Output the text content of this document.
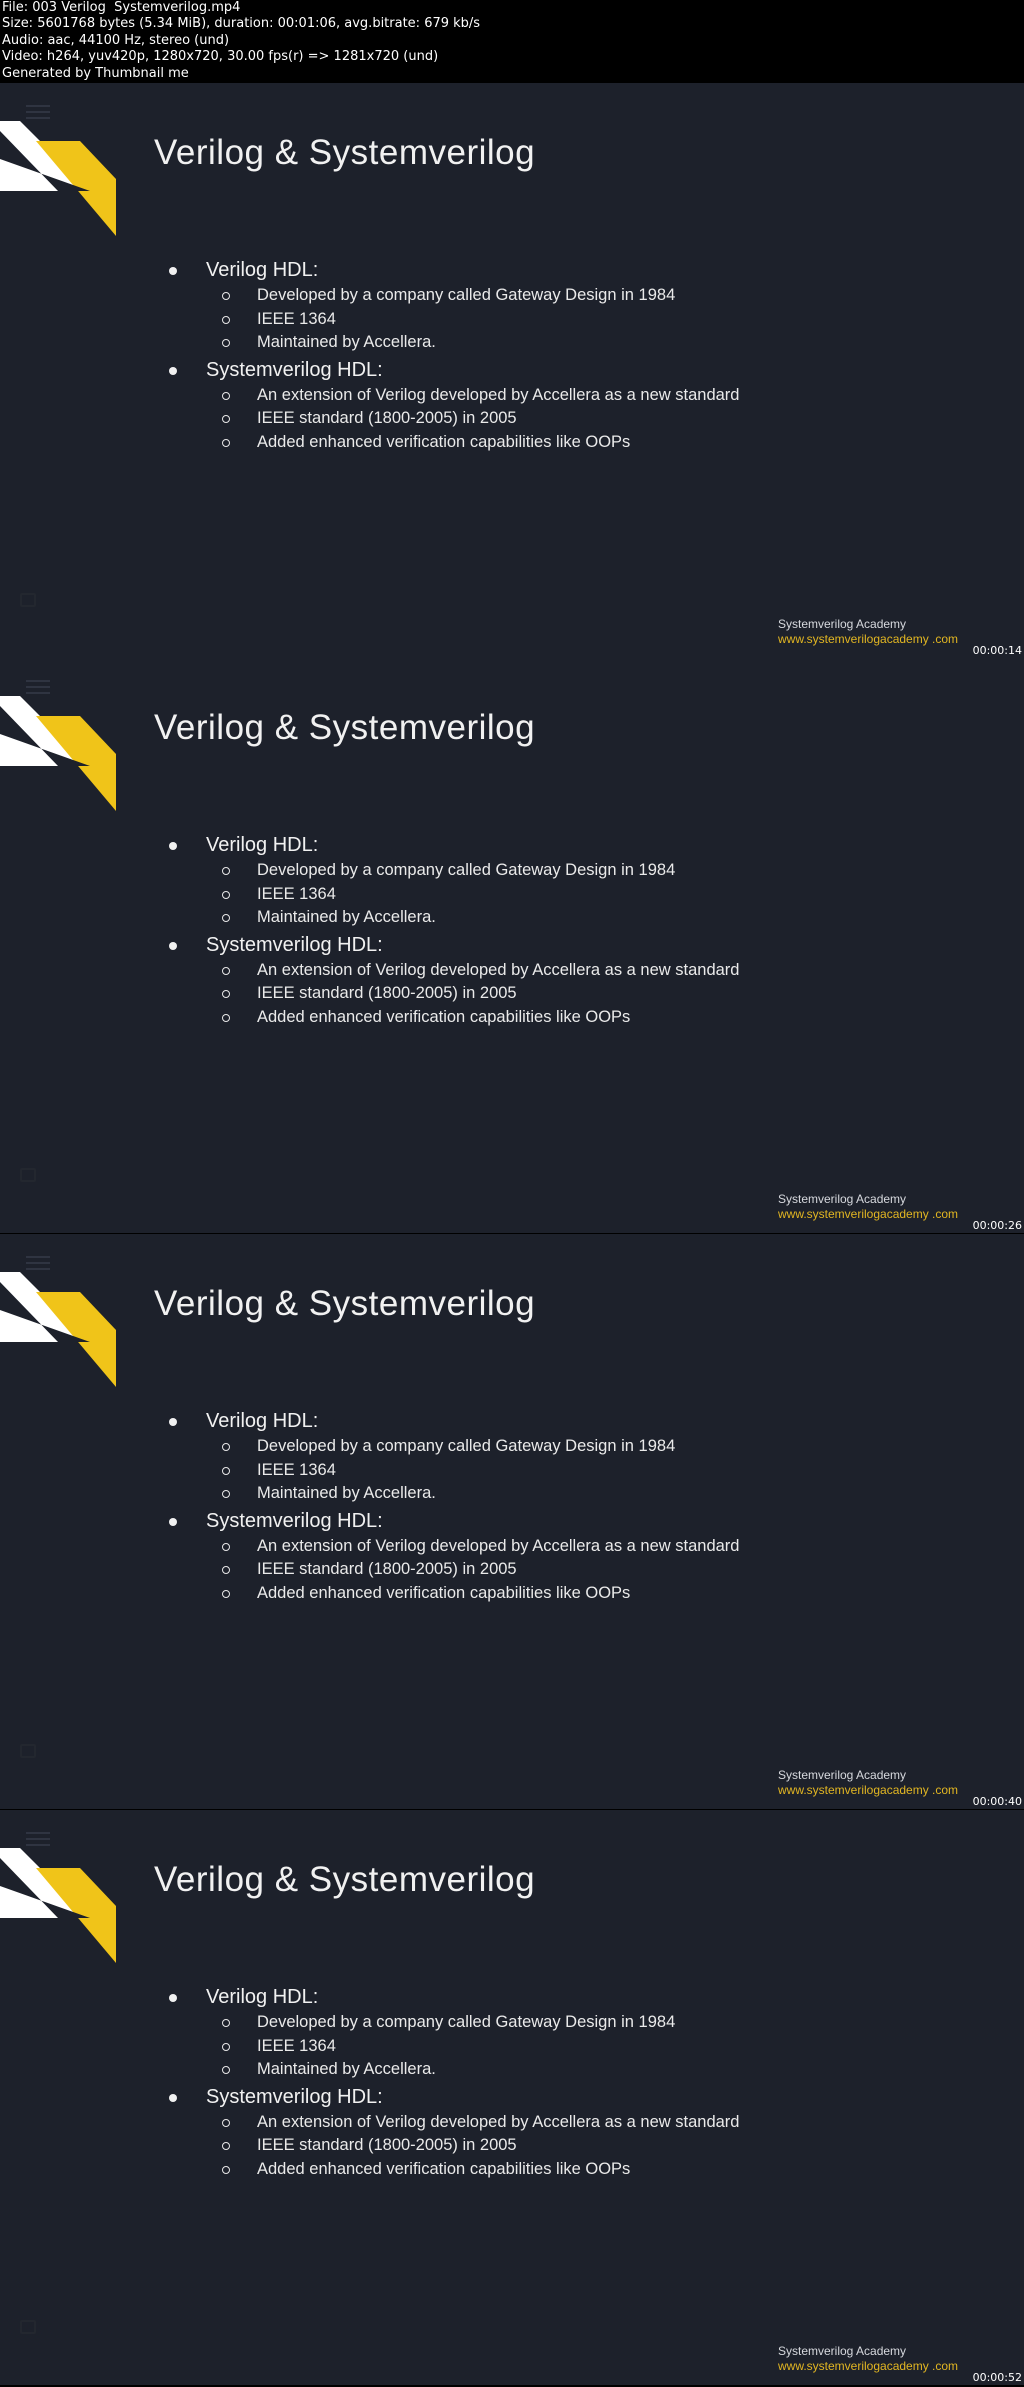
File: 003 Verilog  Systemverilog.mp4
Size: 5601768 bytes (5.34 MiB), duration: 00:01:06, avg.bitrate: 679 kb/s
Audio: aac, 44100 Hz, stereo (und)
Video: h264, yuv420p, 1280x720, 30.00 fps(r) => 1281x720 (und)
Generated by Thumbnail me
Verilog & Systemverilog
Verilog HDL:
Developed by a company called Gateway Design in 1984
IEEE 1364
Maintained by Accellera.
Systemverilog HDL:
An extension of Verilog developed by Accellera as a new standard
IEEE standard (1800-2005) in 2005
Added enhanced verification capabilities like OOPs
Systemverilog Academy
www.systemverilogacademy .com
00:00:14
Verilog & Systemverilog
Verilog HDL:
Developed by a company called Gateway Design in 1984
IEEE 1364
Maintained by Accellera.
Systemverilog HDL:
An extension of Verilog developed by Accellera as a new standard
IEEE standard (1800-2005) in 2005
Added enhanced verification capabilities like OOPs
Systemverilog Academy
www.systemverilogacademy .com
00:00:26
Verilog & Systemverilog
Verilog HDL:
Developed by a company called Gateway Design in 1984
IEEE 1364
Maintained by Accellera.
Systemverilog HDL:
An extension of Verilog developed by Accellera as a new standard
IEEE standard (1800-2005) in 2005
Added enhanced verification capabilities like OOPs
Systemverilog Academy
www.systemverilogacademy .com
00:00:40
Verilog & Systemverilog
Verilog HDL:
Developed by a company called Gateway Design in 1984
IEEE 1364
Maintained by Accellera.
Systemverilog HDL:
An extension of Verilog developed by Accellera as a new standard
IEEE standard (1800-2005) in 2005
Added enhanced verification capabilities like OOPs
Systemverilog Academy
www.systemverilogacademy .com
00:00:52
